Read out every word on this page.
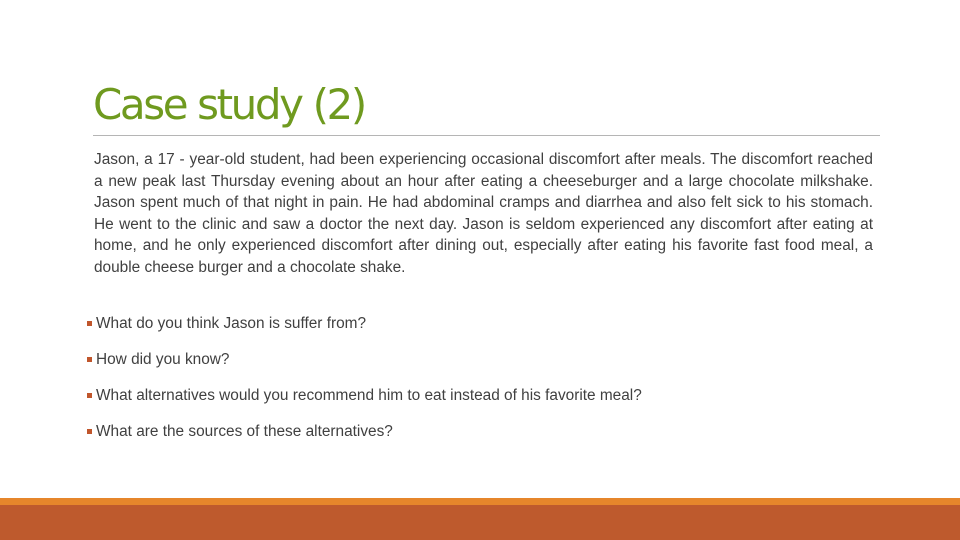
Case study (2)

Jason, a 17 - year-old student, had been experiencing occasional discomfort after meals. The discomfort reached a new peak last Thursday evening about an hour after eating a cheeseburger and a large chocolate milkshake. Jason spent much of that night in pain. He had abdominal cramps and diarrhea and also felt sick to his stomach. He went to the clinic and saw a doctor the next day. Jason is seldom experienced any discomfort after eating at home, and he only experienced discomfort after dining out, especially after eating his favorite fast food meal, a double cheese burger and a chocolate shake.

What do you think Jason is suffer from?
How did you know?
What alternatives would you recommend him to eat instead of his favorite meal?
What are the sources of these alternatives?
